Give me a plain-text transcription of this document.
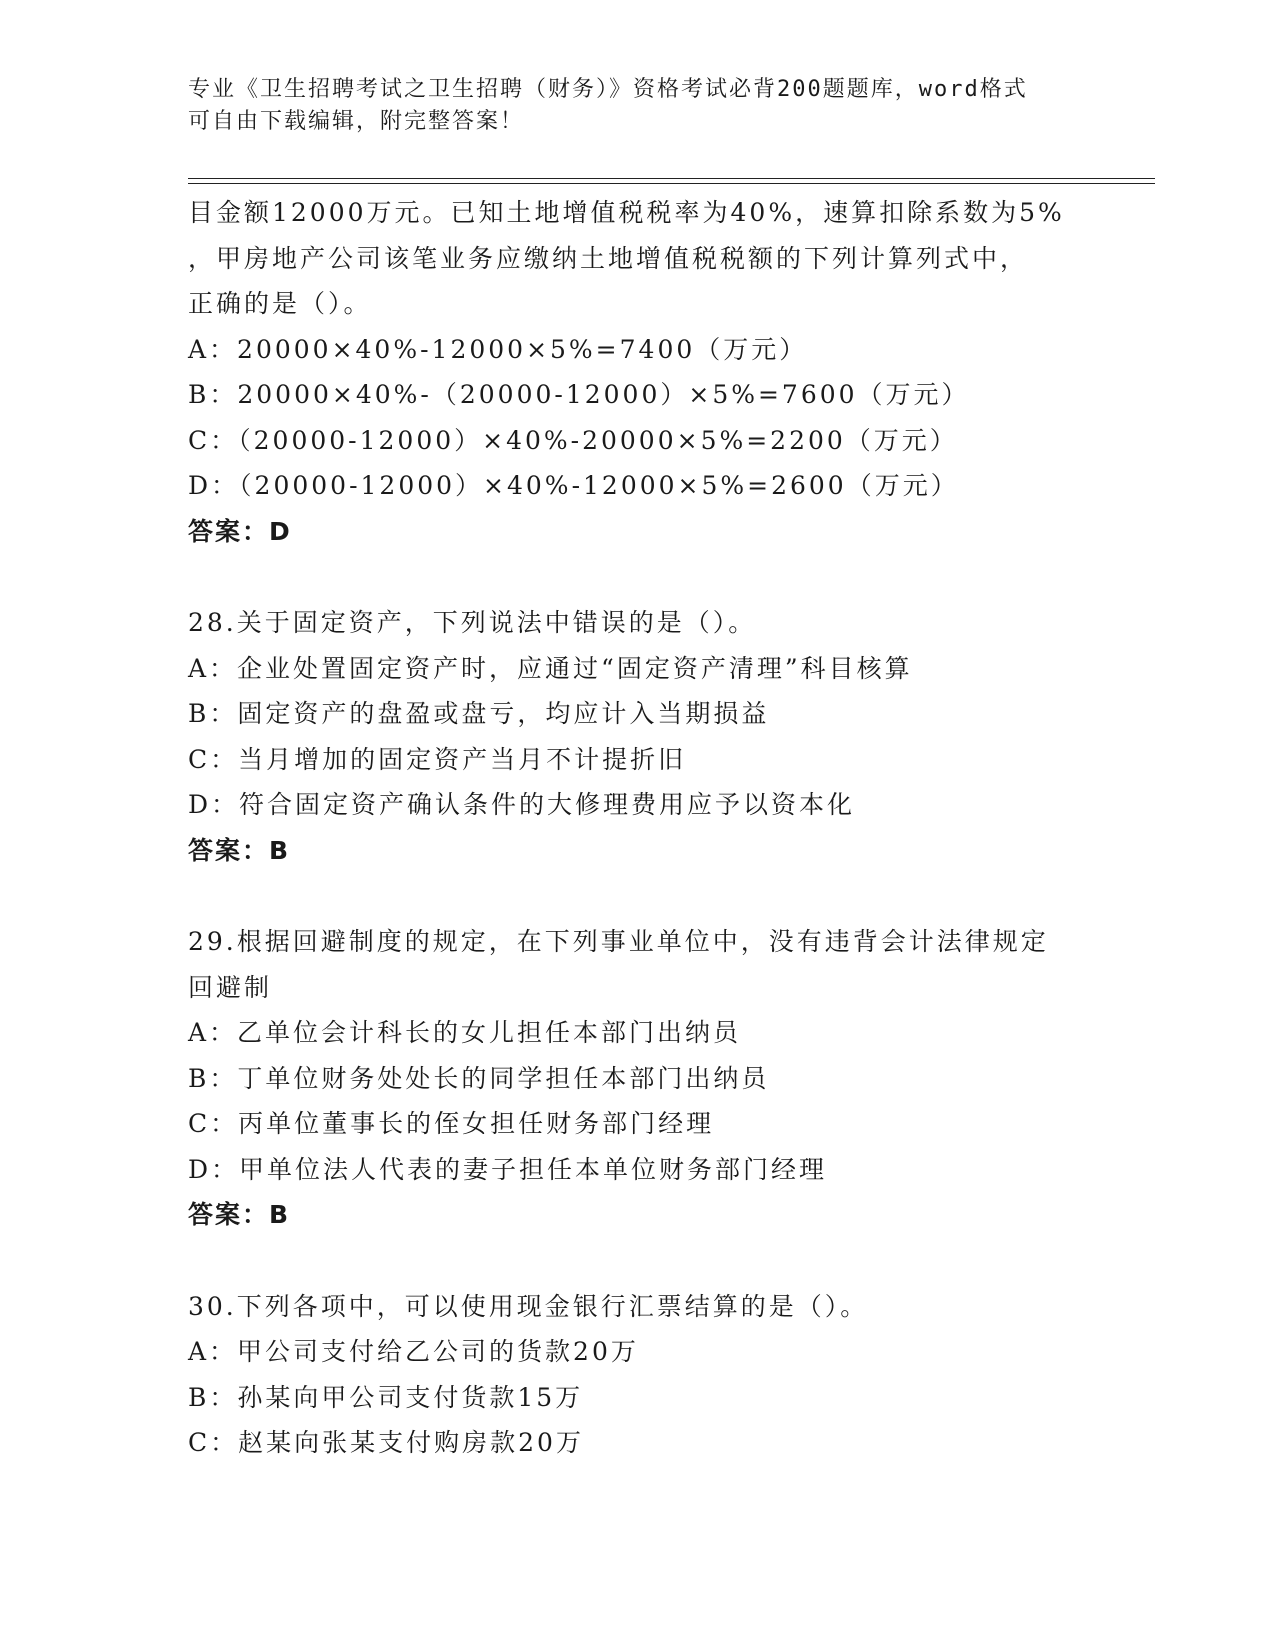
专业《卫生招聘考试之卫生招聘（财务）》资格考试必背200题题库，word格式
可自由下载编辑，附完整答案！
目金额12000万元。已知土地增值税税率为40%，速算扣除系数为5%
，甲房地产公司该笔业务应缴纳土地增值税税额的下列计算列式中，
正确的是（）。
A：20000×40%-12000×5%=7400（万元）
B：20000×40%-（20000-12000）×5%=7600（万元）
C：（20000-12000）×40%-20000×5%=2200（万元）
D：（20000-12000）×40%-12000×5%=2600（万元）
答案：D
28.关于固定资产，下列说法中错误的是（）。
A：企业处置固定资产时，应通过“固定资产清理”科目核算
B：固定资产的盘盈或盘亏，均应计入当期损益
C：当月增加的固定资产当月不计提折旧
D：符合固定资产确认条件的大修理费用应予以资本化
答案：B
29.根据回避制度的规定，在下列事业单位中，没有违背会计法律规定
回避制
A：乙单位会计科长的女儿担任本部门出纳员
B：丁单位财务处处长的同学担任本部门出纳员
C：丙单位董事长的侄女担任财务部门经理
D：甲单位法人代表的妻子担任本单位财务部门经理
答案：B
30.下列各项中，可以使用现金银行汇票结算的是（）。
A：甲公司支付给乙公司的货款20万
B：孙某向甲公司支付货款15万
C：赵某向张某支付购房款20万
